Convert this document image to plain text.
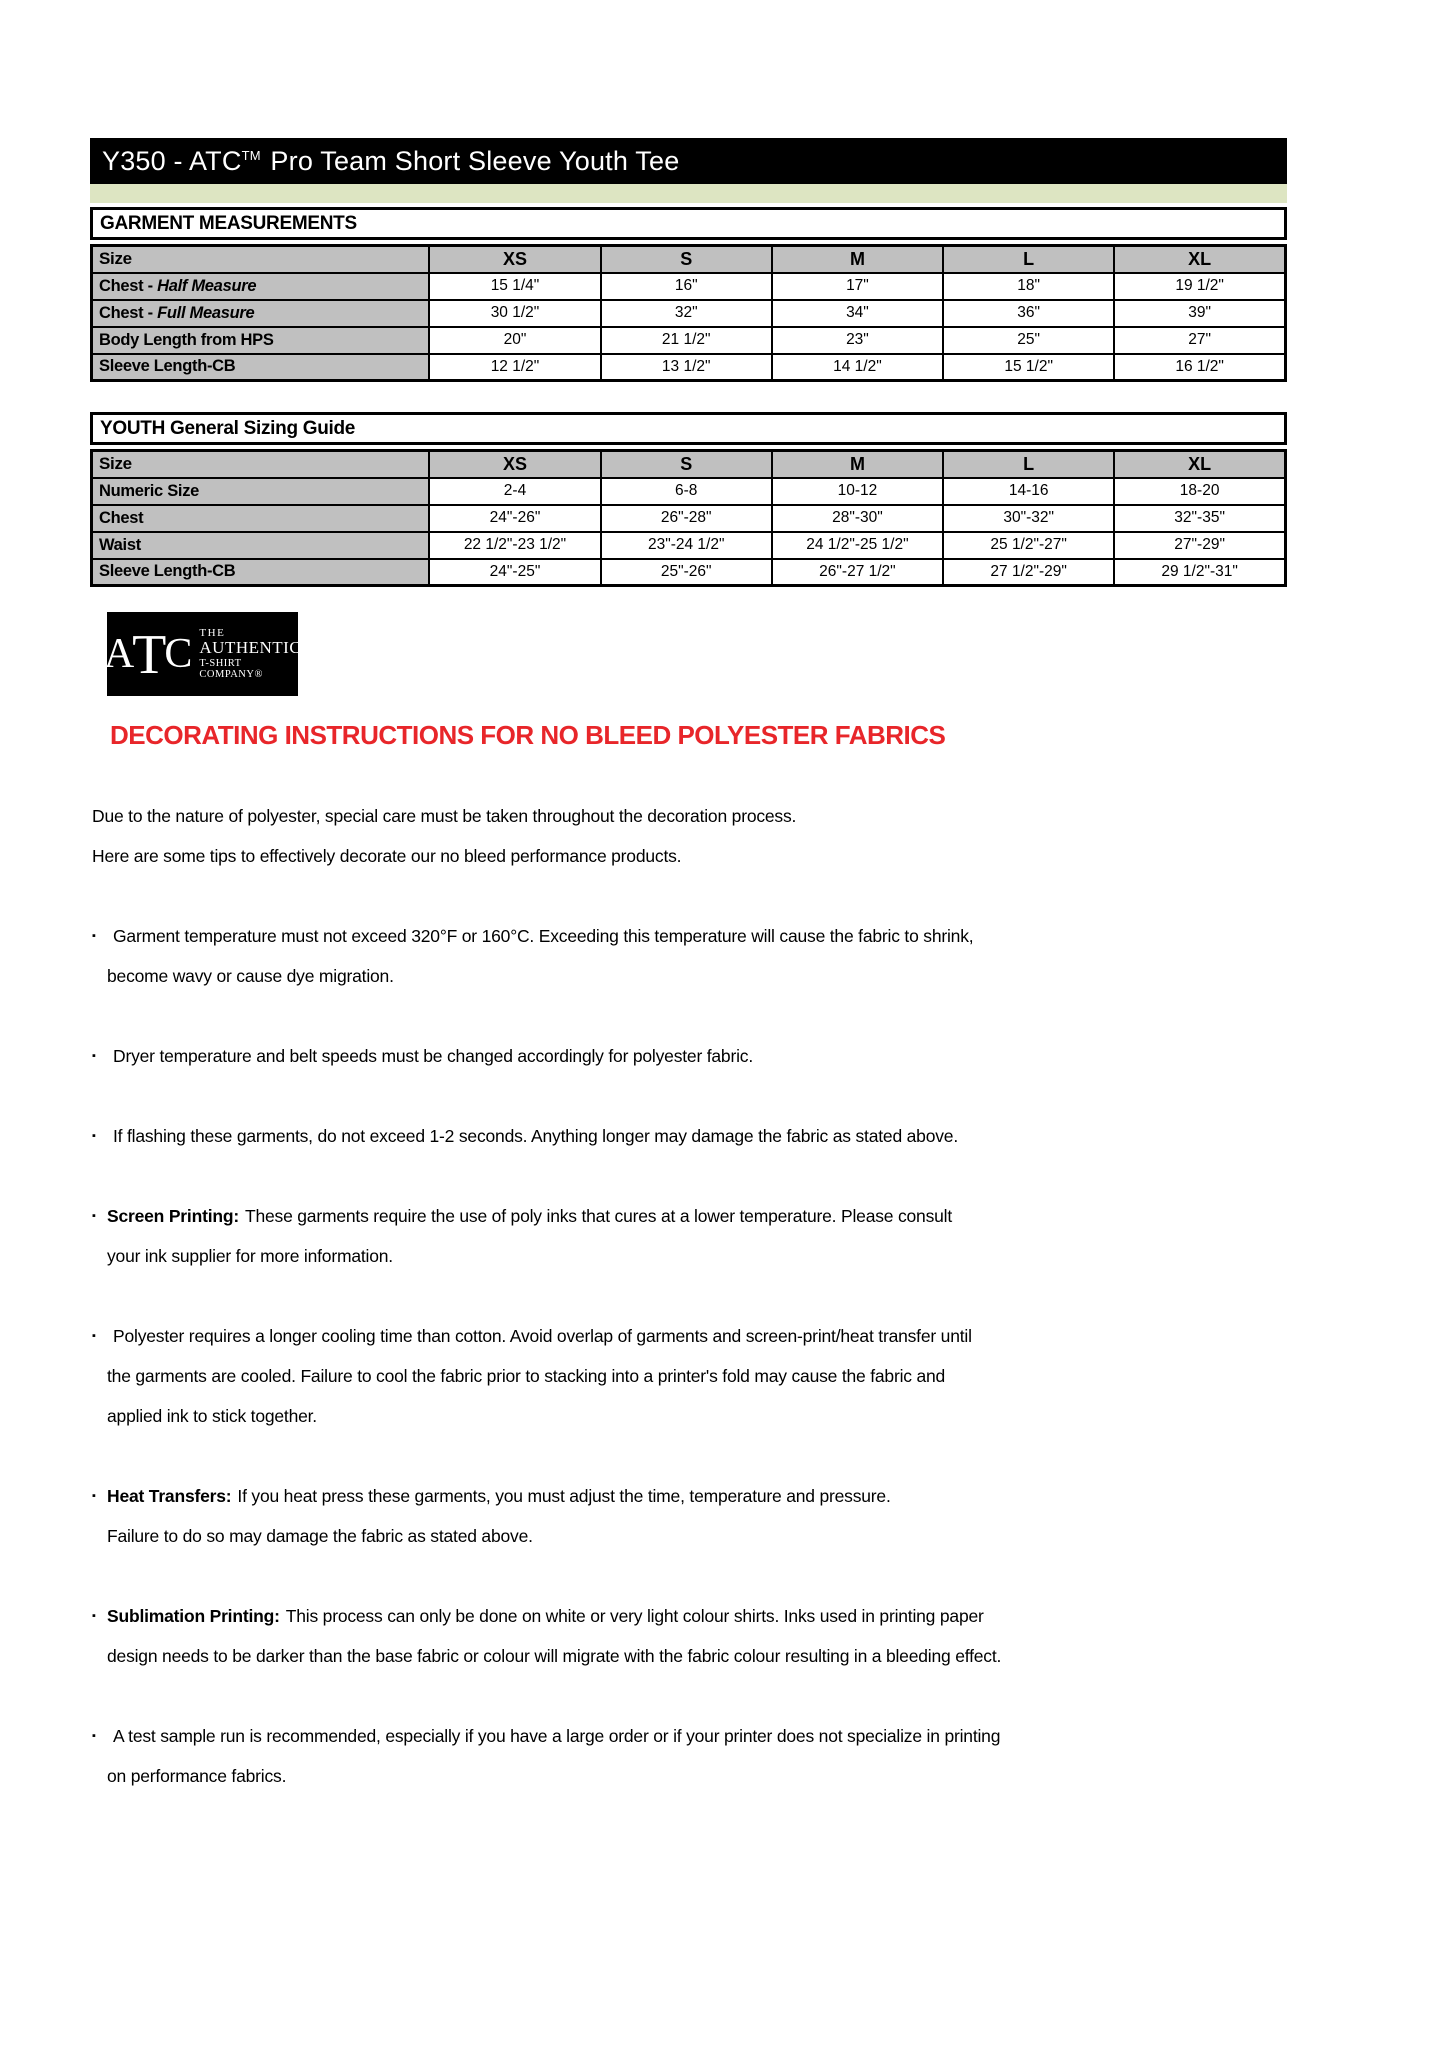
Y350 - ATC™ Pro Team Short Sleeve Youth Tee
GARMENT MEASUREMENTS
Size	XS	S	M	L	XL
Chest - Half Measure	15 1/4"	16"	17"	18"	19 1/2"
Chest - Full Measure	30 1/2"	32"	34"	36"	39"
Body Length from HPS	20"	21 1/2"	23"	25"	27"
Sleeve Length-CB	12 1/2"	13 1/2"	14 1/2"	15 1/2"	16 1/2"
YOUTH General Sizing Guide
Size	XS	S	M	L	XL
Numeric Size	2-4	6-8	10-12	14-16	18-20
Chest	24"-26"	26"-28"	28"-30"	30"-32"	32"-35"
Waist	22 1/2"-23 1/2"	23"-24 1/2"	24 1/2"-25 1/2"	25 1/2"-27"	27"-29"
Sleeve Length-CB	24"-25"	25"-26"	26"-27 1/2"	27 1/2"-29"	29 1/2"-31"
A
T
C THE
AUTHENTIC
T-SHIRT COMPANY®
DECORATING INSTRUCTIONS FOR NO BLEED POLYESTER FABRICS
Due to the nature of polyester, special care must be taken throughout the decoration process.
Here are some tips to effectively decorate our no bleed performance products.
▪ Garment temperature must not exceed 320°F or 160°C. Exceeding this temperature will cause the fabric to shrink,
become wavy or cause dye migration.
▪ Dryer temperature and belt speeds must be changed accordingly for polyester fabric.
▪ If flashing these garments, do not exceed 1-2 seconds. Anything longer may damage the fabric as stated above.
▪ Screen Printing: These garments require the use of poly inks that cures at a lower temperature. Please consult
your ink supplier for more information.
▪ Polyester requires a longer cooling time than cotton. Avoid overlap of garments and screen-print/heat transfer until
the garments are cooled. Failure to cool the fabric prior to stacking into a printer's fold may cause the fabric and
applied ink to stick together.
▪ Heat Transfers: If you heat press these garments, you must adjust the time, temperature and pressure.
Failure to do so may damage the fabric as stated above.
▪ Sublimation Printing: This process can only be done on white or very light colour shirts. Inks used in printing paper
design needs to be darker than the base fabric or colour will migrate with the fabric colour resulting in a bleeding effect.
▪ A test sample run is recommended, especially if you have a large order or if your printer does not specialize in printing
on performance fabrics.
